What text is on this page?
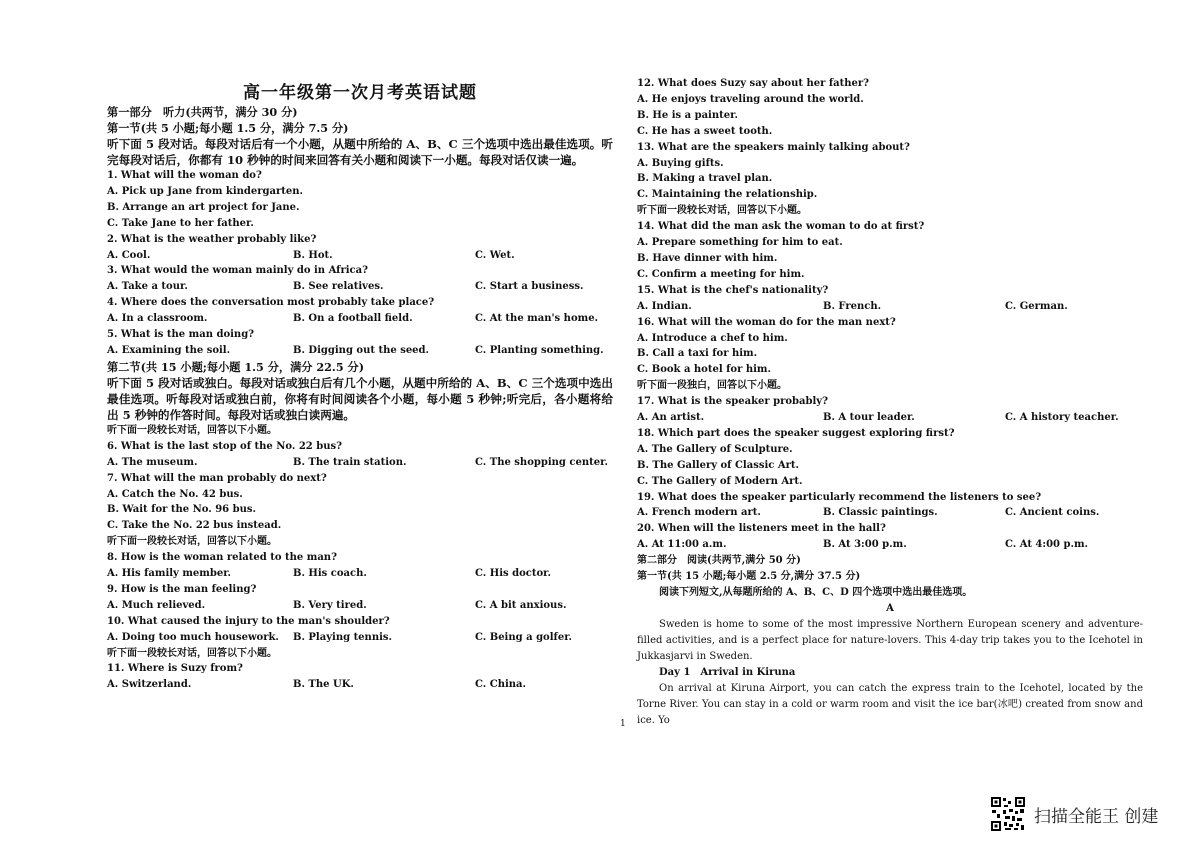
高一年级第一次月考英语试题
第一部分　听力(共两节，满分 30 分)
第一节(共 5 小题;每小题 1.5 分，满分 7.5 分)
听下面 5 段对话。每段对话后有一个小题，从题中所给的 A、B、C 三个选项中选出最佳选项。听完每段对话后，你都有 10 秒钟的时间来回答有关小题和阅读下一小题。每段对话仅读一遍。
1. What will the woman do?
A. Pick up Jane from kindergarten.
B. Arrange an art project for Jane.
C. Take Jane to her father.
2. What is the weather probably like?
A. Cool.	B. Hot.	C. Wet.
3. What would the woman mainly do in Africa?
A. Take a tour.	B. See relatives.	C. Start a business.
4. Where does the conversation most probably take place?
A. In a classroom.	B. On a football field.	C. At the man's home.
5. What is the man doing?
A. Examining the soil.	B. Digging out the seed.	C. Planting something.
第二节(共 15 小题;每小题 1.5 分，满分 22.5 分)
听下面 5 段对话或独白。每段对话或独白后有几个小题，从题中所给的 A、B、C 三个选项中选出最佳选项。听每段对话或独白前，你将有时间阅读各个小题，每小题 5 秒钟;听完后，各小题将给出 5 秒钟的作答时间。每段对话或独白读两遍。
听下面一段较长对话，回答以下小题。
6. What is the last stop of the No. 22 bus?
A. The museum.	B. The train station.	C. The shopping center.
7. What will the man probably do next?
A. Catch the No. 42 bus.
B. Wait for the No. 96 bus.
C. Take the No. 22 bus instead.
听下面一段较长对话，回答以下小题。
8. How is the woman related to the man?
A. His family member.	B. His coach.	C. His doctor.
9. How is the man feeling?
A. Much relieved.	B. Very tired.	C. A bit anxious.
10. What caused the injury to the man's shoulder?
A. Doing too much housework.	B. Playing tennis.	C. Being a golfer.
听下面一段较长对话，回答以下小题。
11. Where is Suzy from?
A. Switzerland.	B. The UK.	C. China.
12. What does Suzy say about her father?
A. He enjoys traveling around the world.
B. He is a painter.
C. He has a sweet tooth.
13. What are the speakers mainly talking about?
A. Buying gifts.
B. Making a travel plan.
C. Maintaining the relationship.
听下面一段较长对话，回答以下小题。
14. What did the man ask the woman to do at first?
A. Prepare something for him to eat.
B. Have dinner with him.
C. Confirm a meeting for him.
15. What is the chef's nationality?
A. Indian.	B. French.	C. German.
16. What will the woman do for the man next?
A. Introduce a chef to him.
B. Call a taxi for him.
C. Book a hotel for him.
听下面一段独白，回答以下小题。
17. What is the speaker probably?
A. An artist.	B. A tour leader.	C. A history teacher.
18. Which part does the speaker suggest exploring first?
A. The Gallery of Sculpture.
B. The Gallery of Classic Art.
C. The Gallery of Modern Art.
19. What does the speaker particularly recommend the listeners to see?
A. French modern art.	B. Classic paintings.	C. Ancient coins.
20. When will the listeners meet in the hall?
A. At 11:00 a.m.	B. At 3:00 p.m.	C. At 4:00 p.m.
第二部分　阅读(共两节,满分 50 分)
第一节(共 15 小题;每小题 2.5 分,满分 37.5 分)
阅读下列短文,从每题所给的 A、B、C、D 四个选项中选出最佳选项。
A
Sweden is home to some of the most impressive Northern European scenery and adventure-filled activities, and is a perfect place for nature-lovers. This 4-day trip takes you to the Icehotel in Jukkasjarvi in Sweden.
Day 1　Arrival in Kiruna
On arrival at Kiruna Airport, you can catch the express train to the Icehotel, located by the Torne River. You can stay in a cold or warm room and visit the ice bar(冰吧) created from snow and ice. Yo
1
扫描全能王 创建
